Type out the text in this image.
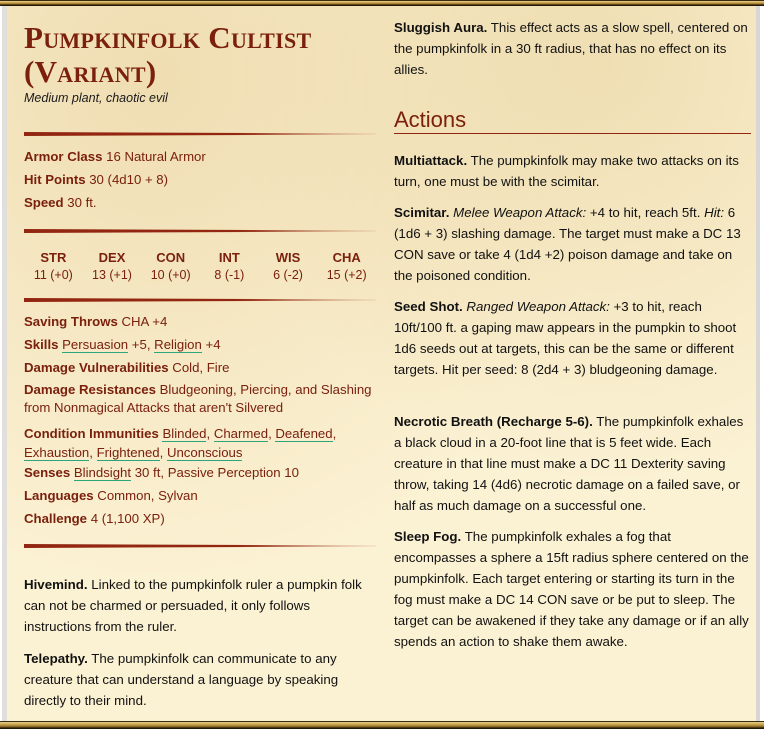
Pumpkinfolk Cultist
(Variant)
Medium plant, chaotic evil
Armor Class 16 Natural Armor
Hit Points 30 (4d10 + 8)
Speed 30 ft.
STR
11 (+0)
DEX
13 (+1)
CON
10 (+0)
INT
8 (-1)
WIS
6 (-2)
CHA
15 (+2)
Saving Throws CHA +4
Skills Persuasion +5, Religion +4
Damage Vulnerabilities Cold, Fire
Damage Resistances Bludgeoning, Piercing, and Slashing from Nonmagical Attacks that aren't Silvered
Condition Immunities Blinded, Charmed, Deafened, Exhaustion, Frightened, Unconscious
Senses Blindsight 30 ft, Passive Perception 10
Languages Common, Sylvan
Challenge 4 (1,100 XP)
Hivemind. Linked to the pumpkinfolk ruler a pumpkin folk can not be charmed or persuaded, it only follows instructions from the ruler.
Telepathy. The pumpkinfolk can communicate to any creature that can understand a language by speaking directly to their mind.
Sluggish Aura. This effect acts as a slow spell, centered on the pumpkinfolk in a 30 ft radius, that has no effect on its allies.
Actions
Multiattack. The pumpkinfolk may make two attacks on its turn, one must be with the scimitar.
Scimitar. Melee Weapon Attack: +4 to hit, reach 5ft. Hit: 6 (1d6 + 3) slashing damage. The target must make a DC 13 CON save or take 4 (1d4 +2) poison damage and take on the poisoned condition.
Seed Shot. Ranged Weapon Attack: +3 to hit, reach 10ft/100 ft. a gaping maw appears in the pumpkin to shoot 1d6 seeds out at targets, this can be the same or different targets. Hit per seed: 8 (2d4 + 3) bludgeoning damage.
Necrotic Breath (Recharge 5-6). The pumpkinfolk exhales a black cloud in a 20-foot line that is 5 feet wide. Each creature in that line must make a DC 11 Dexterity saving throw, taking 14 (4d6) necrotic damage on a failed save, or half as much damage on a successful one.
Sleep Fog. The pumpkinfolk exhales a fog that encompasses a sphere a 15ft radius sphere centered on the pumpkinfolk. Each target entering or starting its turn in the fog must make a DC 14 CON save or be put to sleep. The target can be awakened if they take any damage or if an ally spends an action to shake them awake.
